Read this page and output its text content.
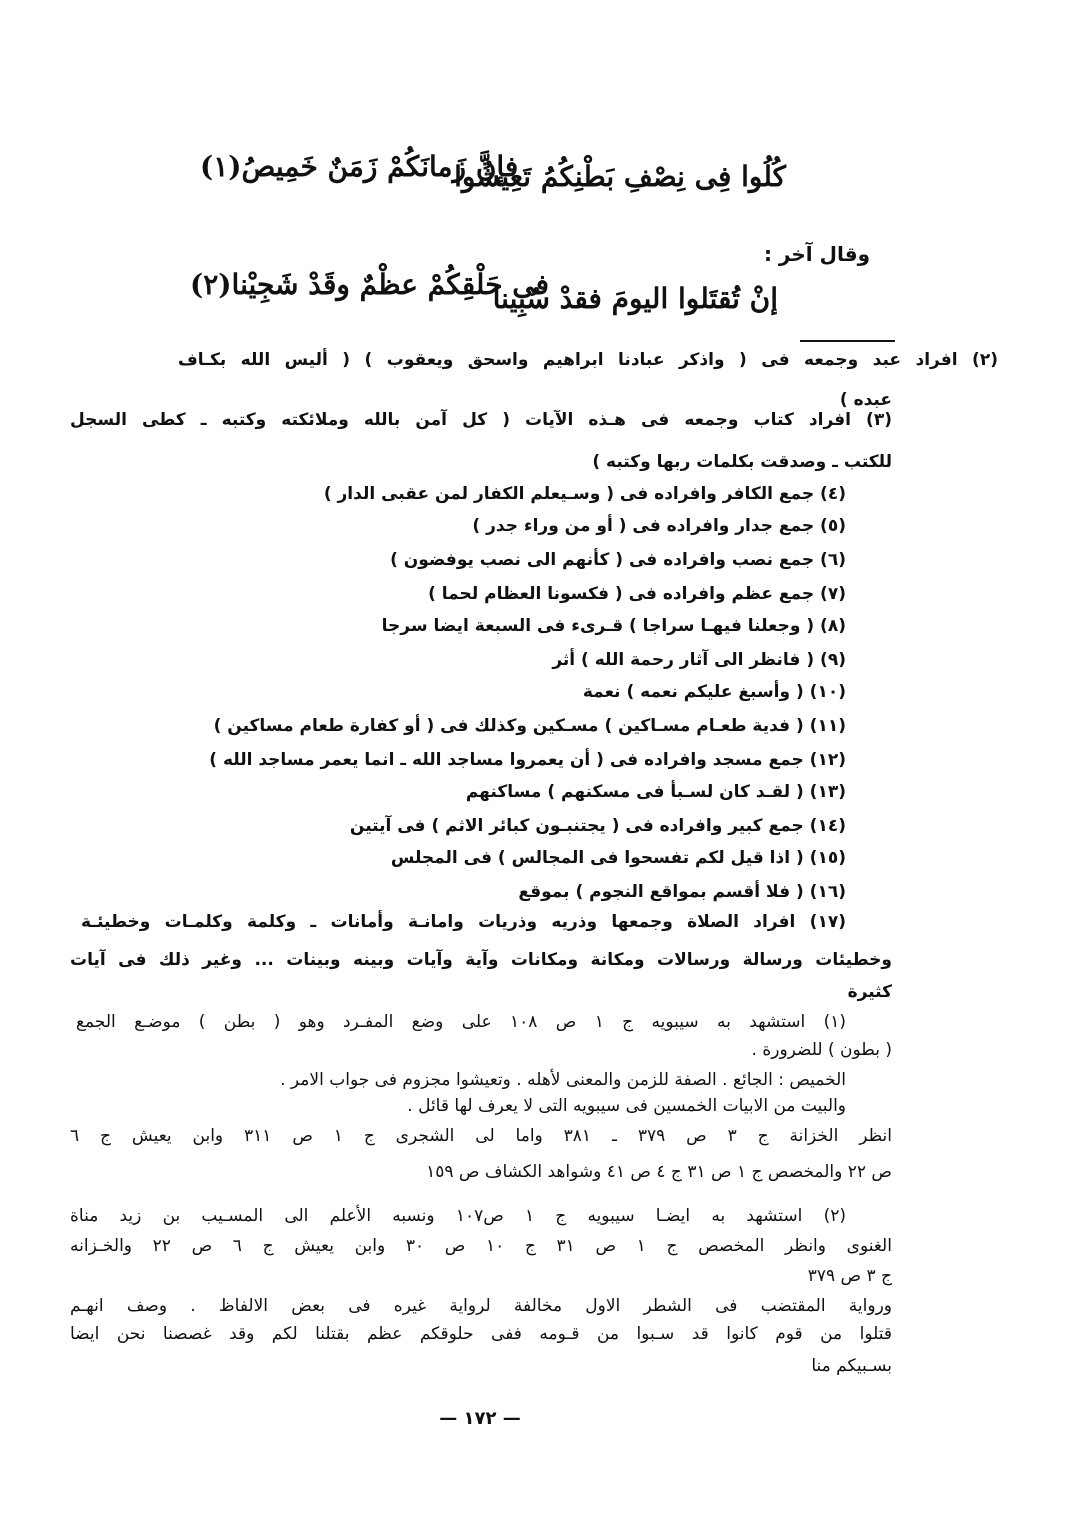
كُلُوا فِى نِصْفِ بَطْنِكُمُ تَعِيشُوا
فإنَّ زَمانَكُمْ زَمَنٌ خَمِيصُ(١)
وقال آخر :
إنْ تُقتَلوا اليومَ فقدْ سُبِينا
فى حَلْقِكُمْ عظْمٌ وقَدْ شَجِيْنا(٢)
(٢) افراد عبد وجمعه فى ( واذكر عبادنا ابراهيم واسحق ويعقوب ) ( أليس الله بكـاف
عبده )
(٣) افراد كتاب وجمعه فى هـذه الآيات ( كل آمن بالله وملائكته وكتبه ـ كطى السجل
للكتب ـ وصدقت بكلمات ربها وكتبه )
(٤) جمع الكافر وافراده فى ( وسـيعلم الكفار لمن عقبى الدار )
(٥) جمع جدار وافراده فى ( أو من وراء جدر )
(٦) جمع نصب وافراده فى ( كأنهم الى نصب يوفضون )
(٧) جمع عظم وافراده فى ( فكسونا العظام لحما )
(٨) ( وجعلنا فيهـا سراجا ) قـرىء فى السبعة ايضا سرجا
(٩) ( فانظر الى آثار رحمة الله ) أثر
(١٠) ( وأسبغ عليكم نعمه ) نعمة
(١١) ( فدية طعـام مسـاكين ) مسـكين وكذلك فى ( أو كفارة طعام مساكين )
(١٢) جمع مسجد وافراده فى ( أن يعمروا مساجد الله ـ انما يعمر مساجد الله )
(١٣) ( لقـد كان لسـبأ فى مسكنهم ) مساكنهم
(١٤) جمع كبير وافراده فى ( يجتنبـون كبائر الاثم ) فى آيتين
(١٥) ( اذا قيل لكم تفسحوا فى المجالس ) فى المجلس
(١٦) ( فلا أقسم بمواقع النجوم ) بموقع
(١٧) افراد الصلاة وجمعها وذريه وذريات وامانـة وأمانات ـ وكلمة وكلمـات وخطيئـة
وخطيئات ورسالة ورسالات ومكانة ومكانات وآية وآيات وبينه وبينات ... وغير ذلك فى آيات
كثيرة
(١) استشهد به سيبويه ج ١ ص ١٠٨ على وضع المفـرد وهو ( بطن ) موضـع الجمع
( بطون ) للضرورة .
الخميص : الجائع . الصفة للزمن والمعنى لأهله . وتعيشوا مجزوم فى جواب الامر .
والبيت من الابيات الخمسين فى سيبويه التى لا يعرف لها قائل .
انظر الخزانة ج ٣ ص ٣٧٩ ـ ٣٨١ واما لى الشجرى ج ١ ص ٣١١ وابن يعيش ج ٦
ص ٢٢ والمخصص ج ١ ص ٣١ ج ٤ ص ٤١ وشواهد الكشاف ص ١٥٩
(٢) استشهد به ايضـا سيبويه ج ١ ص١٠٧ ونسبه الأعلم الى المسـيب بن زيد مناة
الغنوى وانظر المخصص ج ١ ص ٣١ ج ١٠ ص ٣٠ وابن يعيش ج ٦ ص ٢٢ والخـزانه
ج ٣ ص ٣٧٩
ورواية المقتضب فى الشطر الاول مخالفة لرواية غيره فى بعض الالفاظ . وصف انهـم
قتلوا من قوم كانوا قد سـبوا من قـومه ففى حلوقكم عظم بقتلنا لكم وقد غصصنا نحن ايضا
بسـبيكم منا
— ١٧٢ —
